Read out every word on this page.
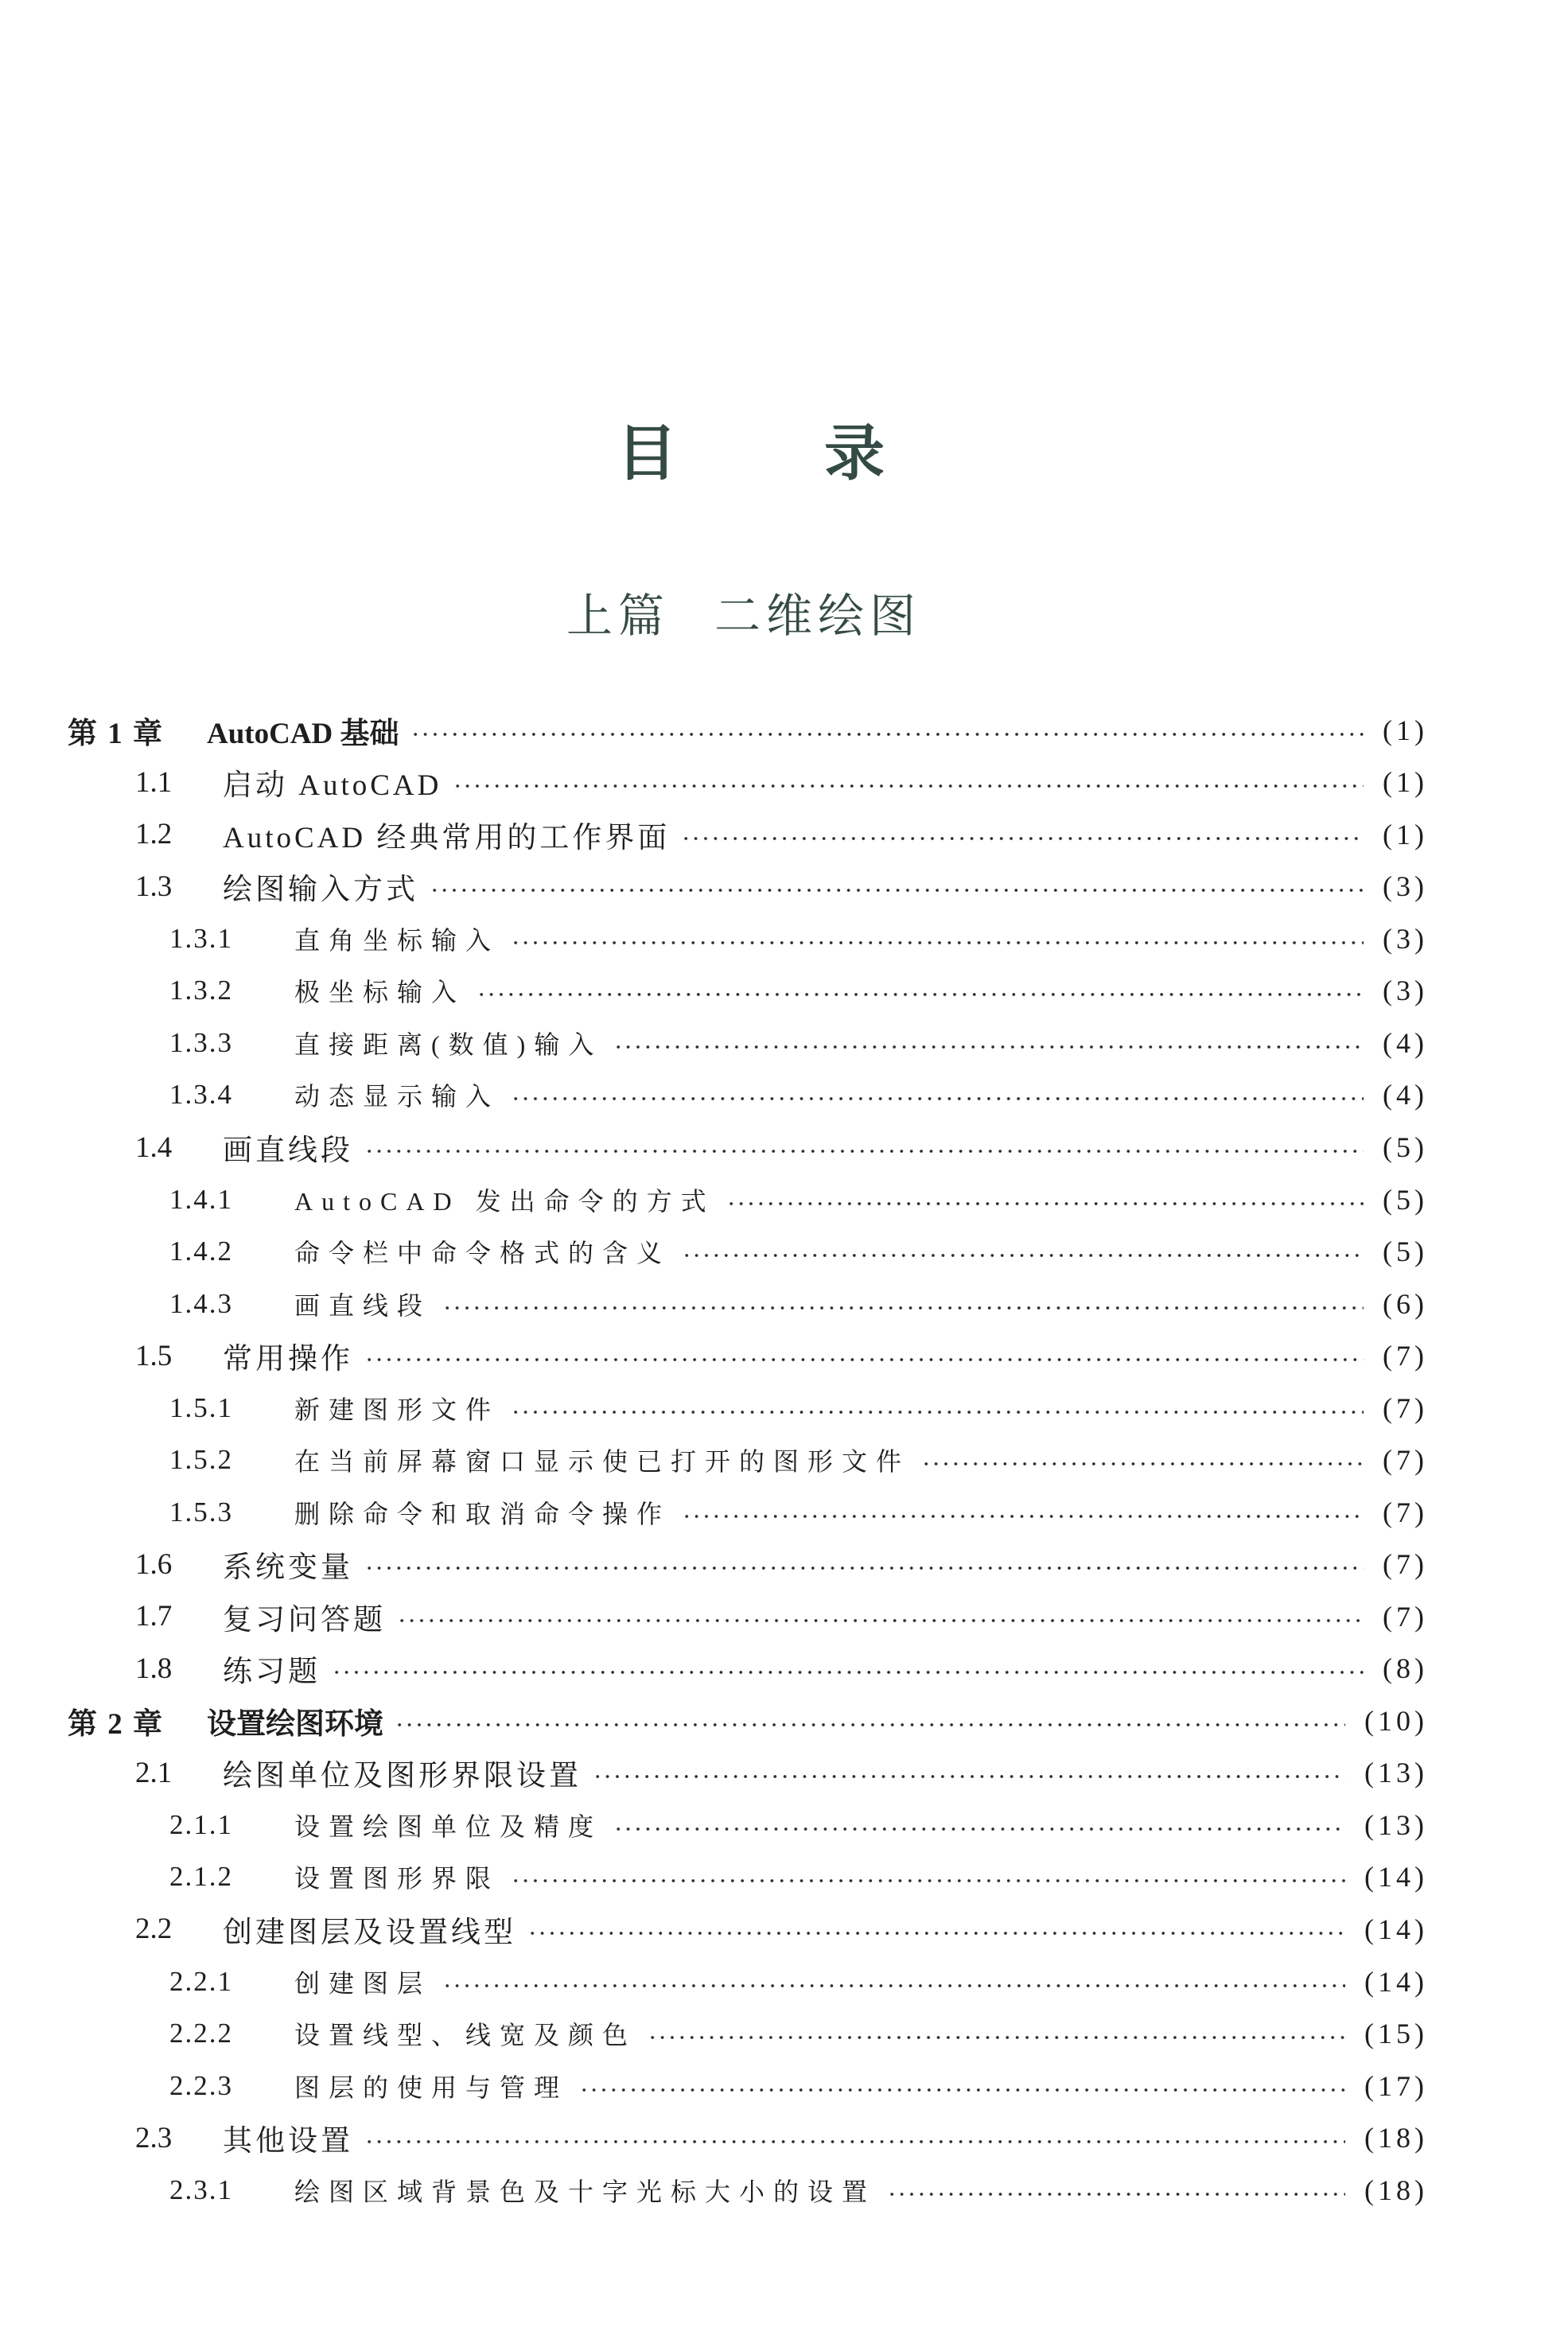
目 录
上篇 二维绘图
第 1 章	AutoCAD 基础	(1)
1.1	启动 AutoCAD	(1)
1.2	AutoCAD 经典常用的工作界面	(1)
1.3	绘图输入方式	(3)
1.3.1	直角坐标输入	(3)
1.3.2	极坐标输入	(3)
1.3.3	直接距离(数值)输入	(4)
1.3.4	动态显示输入	(4)
1.4	画直线段	(5)
1.4.1	AutoCAD 发出命令的方式	(5)
1.4.2	命令栏中命令格式的含义	(5)
1.4.3	画直线段	(6)
1.5	常用操作	(7)
1.5.1	新建图形文件	(7)
1.5.2	在当前屏幕窗口显示使已打开的图形文件	(7)
1.5.3	删除命令和取消命令操作	(7)
1.6	系统变量	(7)
1.7	复习问答题	(7)
1.8	练习题	(8)
第 2 章	设置绘图环境	(10)
2.1	绘图单位及图形界限设置	(13)
2.1.1	设置绘图单位及精度	(13)
2.1.2	设置图形界限	(14)
2.2	创建图层及设置线型	(14)
2.2.1	创建图层	(14)
2.2.2	设置线型、线宽及颜色	(15)
2.2.3	图层的使用与管理	(17)
2.3	其他设置	(18)
2.3.1	绘图区域背景色及十字光标大小的设置	(18)
